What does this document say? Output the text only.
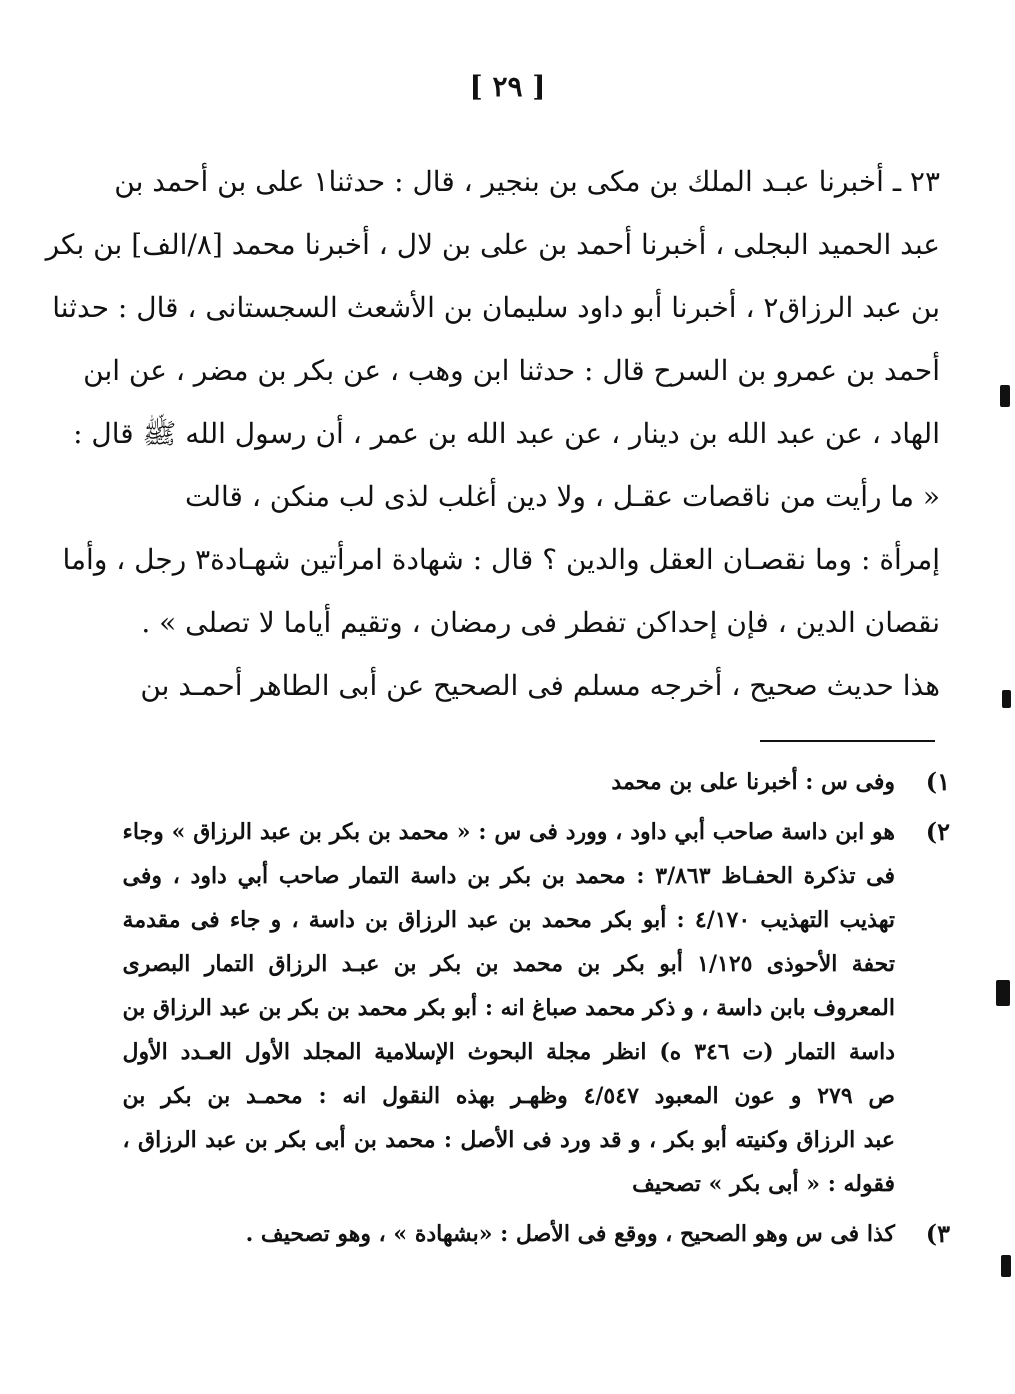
[ ٢٩ ]
٢٣ ـ أخبرنا عبـد الملك بن مكى بن بنجير ، قال : حدثنا١ على بن أحمد بن
عبد الحميد البجلى ، أخبرنا أحمد بن على بن لال ، أخبرنا محمد [٨/الف] بن بكر
بن عبد الرزاق٢ ، أخبرنا أبو داود سليمان بن الأشعث السجستانى ، قال : حدثنا
أحمد بن عمرو بن السرح قال : حدثنا ابن وهب ، عن بكر بن مضر ، عن ابن
الهاد ، عن عبد الله بن دينار ، عن عبد الله بن عمر ، أن رسول الله ﷺ قال :
« ما رأيت من ناقصات عقـل ، ولا دين أغلب لذى لب منكن ، قالت
إمرأة : وما نقصـان العقل والدين ؟ قال : شهادة امرأتين شهـادة٣ رجل ، وأما
نقصان الدين ، فإن إحداكن تفطر فى رمضان ، وتقيم أياما لا تصلى » .
هذا حديث صحيح ، أخرجه مسلم فى الصحيح عن أبى الطاهر أحمـد بن
١)
وفى س : أخبرنا على بن محمد
٢)
هو ابن داسة صاحب أبي داود ، وورد فى س : « محمد بن بكر بن عبد الرزاق » وجاء
فى تذكرة الحفـاظ ٣/٨٦٣ : محمد بن بكر بن داسة التمار صاحب أبي داود ، وفى
تهذيب التهذيب ٤/١٧٠ : أبو بكر محمد بن عبد الرزاق بن داسة ، و جاء فى مقدمة
تحفة الأحوذى ١/١٢٥ أبو بكر بن محمد بن بكر بن عبـد الرزاق التمار البصرى
المعروف بابن داسة ، و ذكر محمد صباغ انه : أبو بكر محمد بن بكر بن عبد الرزاق بن
داسة التمار (ت ٣٤٦ ه) انظر مجلة البحوث الإسلامية المجلد الأول العـدد الأول
ص ٢٧٩ و عون المعبود ٤/٥٤٧ وظهـر بهذه النقول انه : محمـد بن بكر بن
عبد الرزاق وكنيته أبو بكر ، و قد ورد فى الأصل : محمد بن أبى بكر بن عبد الرزاق ،
فقوله : « أبى بكر » تصحيف
٣)
كذا فى س وهو الصحيح ، ووقع فى الأصل : «بشهادة » ، وهو تصحيف .
